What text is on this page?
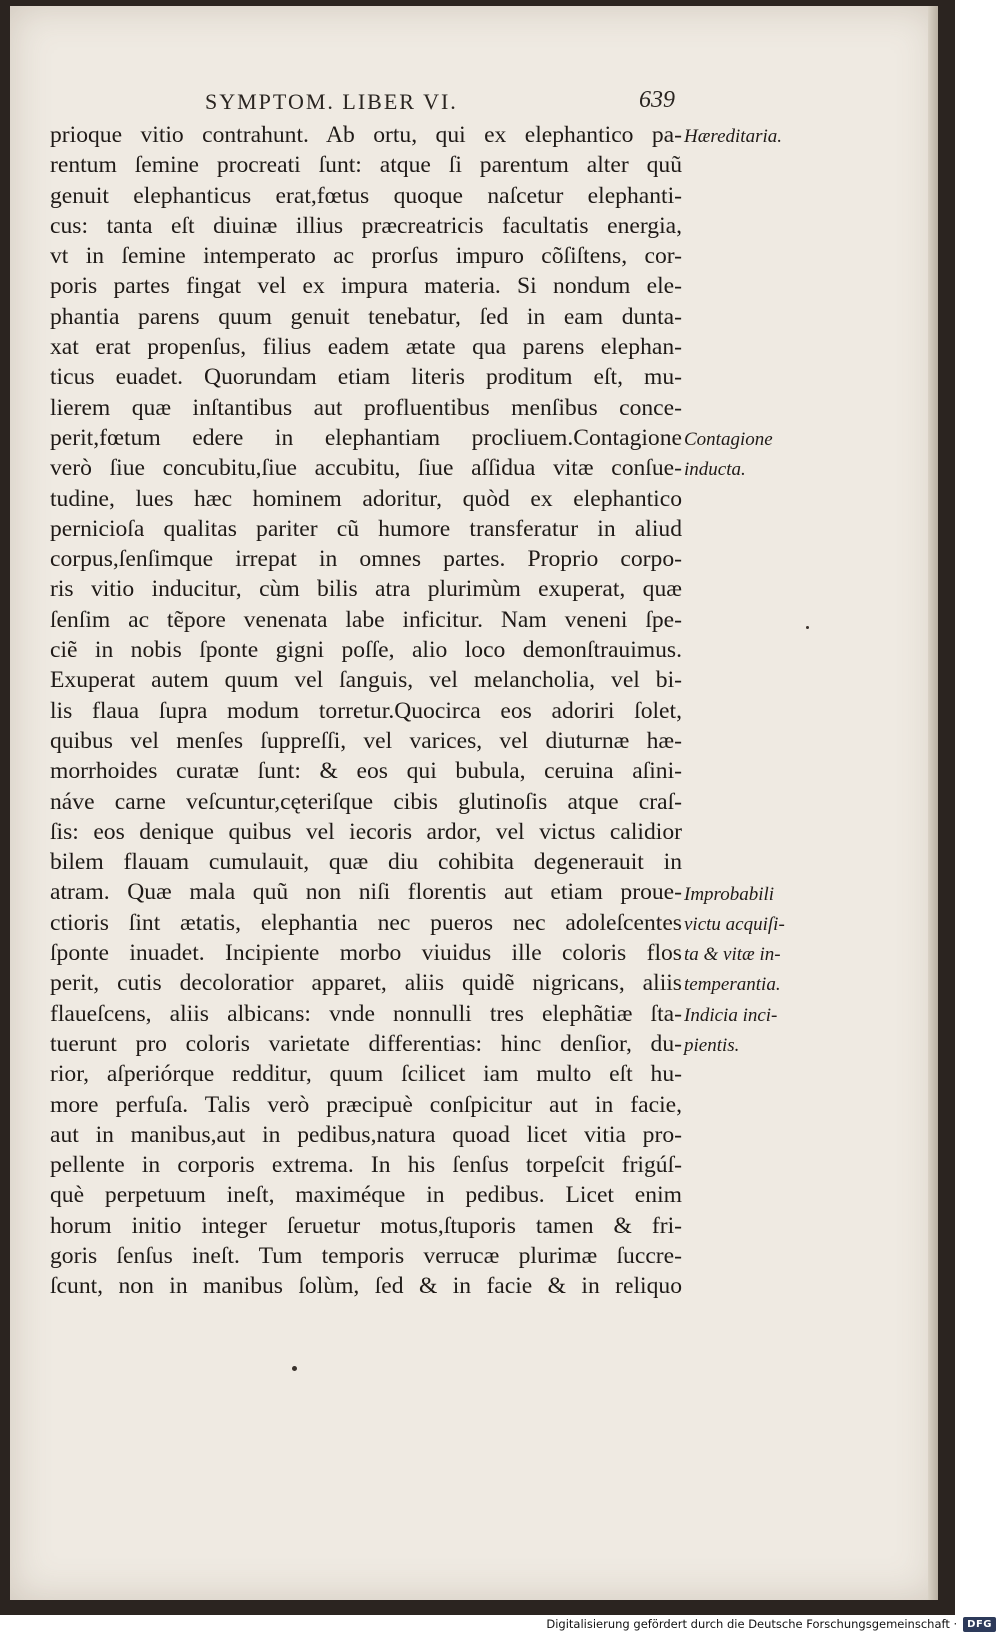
SYMPTOM. LIBER VI.	639
prioque vitio contrahunt. Ab ortu, qui ex elephantico pa-
rentum ſemine procreati ſunt: atque ſi parentum alter quũ
genuit elephanticus erat,fœtus quoque naſcetur elephanti-
cus: tanta eſt diuinæ illius præcreatricis facultatis energia,
vt in ſemine intemperato ac prorſus impuro cõſiſtens, cor-
poris partes fingat vel ex impura materia. Si nondum ele-
phantia parens quum genuit tenebatur, ſed in eam dunta-
xat erat propenſus, filius eadem ætate qua parens elephan-
ticus euadet. Quorundam etiam literis proditum eſt, mu-
lierem quæ inſtantibus aut profluentibus menſibus conce-
perit,fœtum edere in elephantiam procliuem.Contagione
verò ſiue concubitu,ſiue accubitu, ſiue aſſidua vitæ conſue-
tudine, lues hæc hominem adoritur, quòd ex elephantico
pernicioſa qualitas pariter cũ humore transferatur in aliud
corpus,ſenſimque irrepat in omnes partes. Proprio corpo-
ris vitio inducitur, cùm bilis atra plurimùm exuperat, quæ
ſenſim ac tẽpore venenata labe inficitur. Nam veneni ſpe-
ciẽ in nobis ſponte gigni poſſe, alio loco demonſtrauimus.
Exuperat autem quum vel ſanguis, vel melancholia, vel bi-
lis flaua ſupra modum torretur.Quocirca eos adoriri ſolet,
quibus vel menſes ſuppreſſi, vel varices, vel diuturnæ hæ-
morrhoides curatæ ſunt: & eos qui bubula, ceruina aſini-
náve carne veſcuntur,cęteriſque cibis glutinoſis atque craſ-
ſis: eos denique quibus vel iecoris ardor, vel victus calidior
bilem flauam cumulauit, quæ diu cohibita degenerauit in
atram. Quæ mala quũ non niſi florentis aut etiam proue-
ctioris ſint ætatis, elephantia nec pueros nec adoleſcentes
ſponte inuadet. Incipiente morbo viuidus ille coloris flos
perit, cutis decoloratior apparet, aliis quidẽ nigricans, aliis
flaueſcens, aliis albicans: vnde nonnulli tres elephãtiæ ſta-
tuerunt pro coloris varietate differentias: hinc denſior, du-
rior, aſperiórque redditur, quum ſcilicet iam multo eſt hu-
more perfuſa. Talis verò præcipuè conſpicitur aut in facie,
aut in manibus,aut in pedibus,natura quoad licet vitia pro-
pellente in corporis extrema. In his ſenſus torpeſcit frigúſ-
què perpetuum ineſt, maximéque in pedibus. Licet enim
horum initio integer ſeruetur motus,ſtuporis tamen & fri-
goris ſenſus ineſt. Tum temporis verrucæ plurimæ ſuccre-
ſcunt, non in manibus ſolùm, ſed & in facie & in reliquo
Hæreditaria.
Contagione
inducta.
Improbabili
victu acquiſi-
ta & vitæ in-
temperantia.
Indicia inci-
pientis.
Digitalisierung gefördert durch die Deutsche Forschungsgemeinschaft ·	DFG
